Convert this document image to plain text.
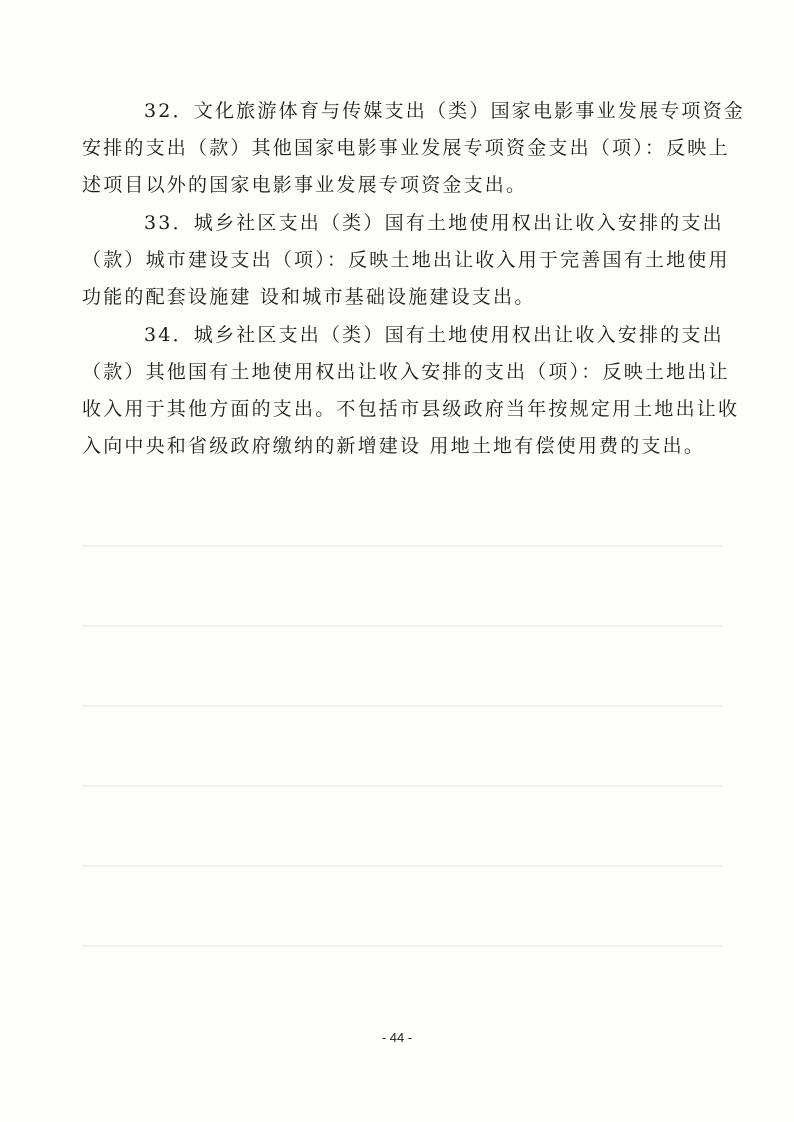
32．文化旅游体育与传媒支出（类）国家电影事业发展专项资金
安排的支出（款）其他国家电影事业发展专项资金支出（项）：反映上
述项目以外的国家电影事业发展专项资金支出。

33．城乡社区支出（类）国有土地使用权出让收入安排的支出
（款）城市建设支出（项）：反映土地出让收入用于完善国有土地使用
功能的配套设施建 设和城市基础设施建设支出。

34．城乡社区支出（类）国有土地使用权出让收入安排的支出
（款）其他国有土地使用权出让收入安排的支出（项）：反映土地出让
收入用于其他方面的支出。不包括市县级政府当年按规定用土地出让收
入向中央和省级政府缴纳的新增建设 用地土地有偿使用费的支出。

- 44 -
